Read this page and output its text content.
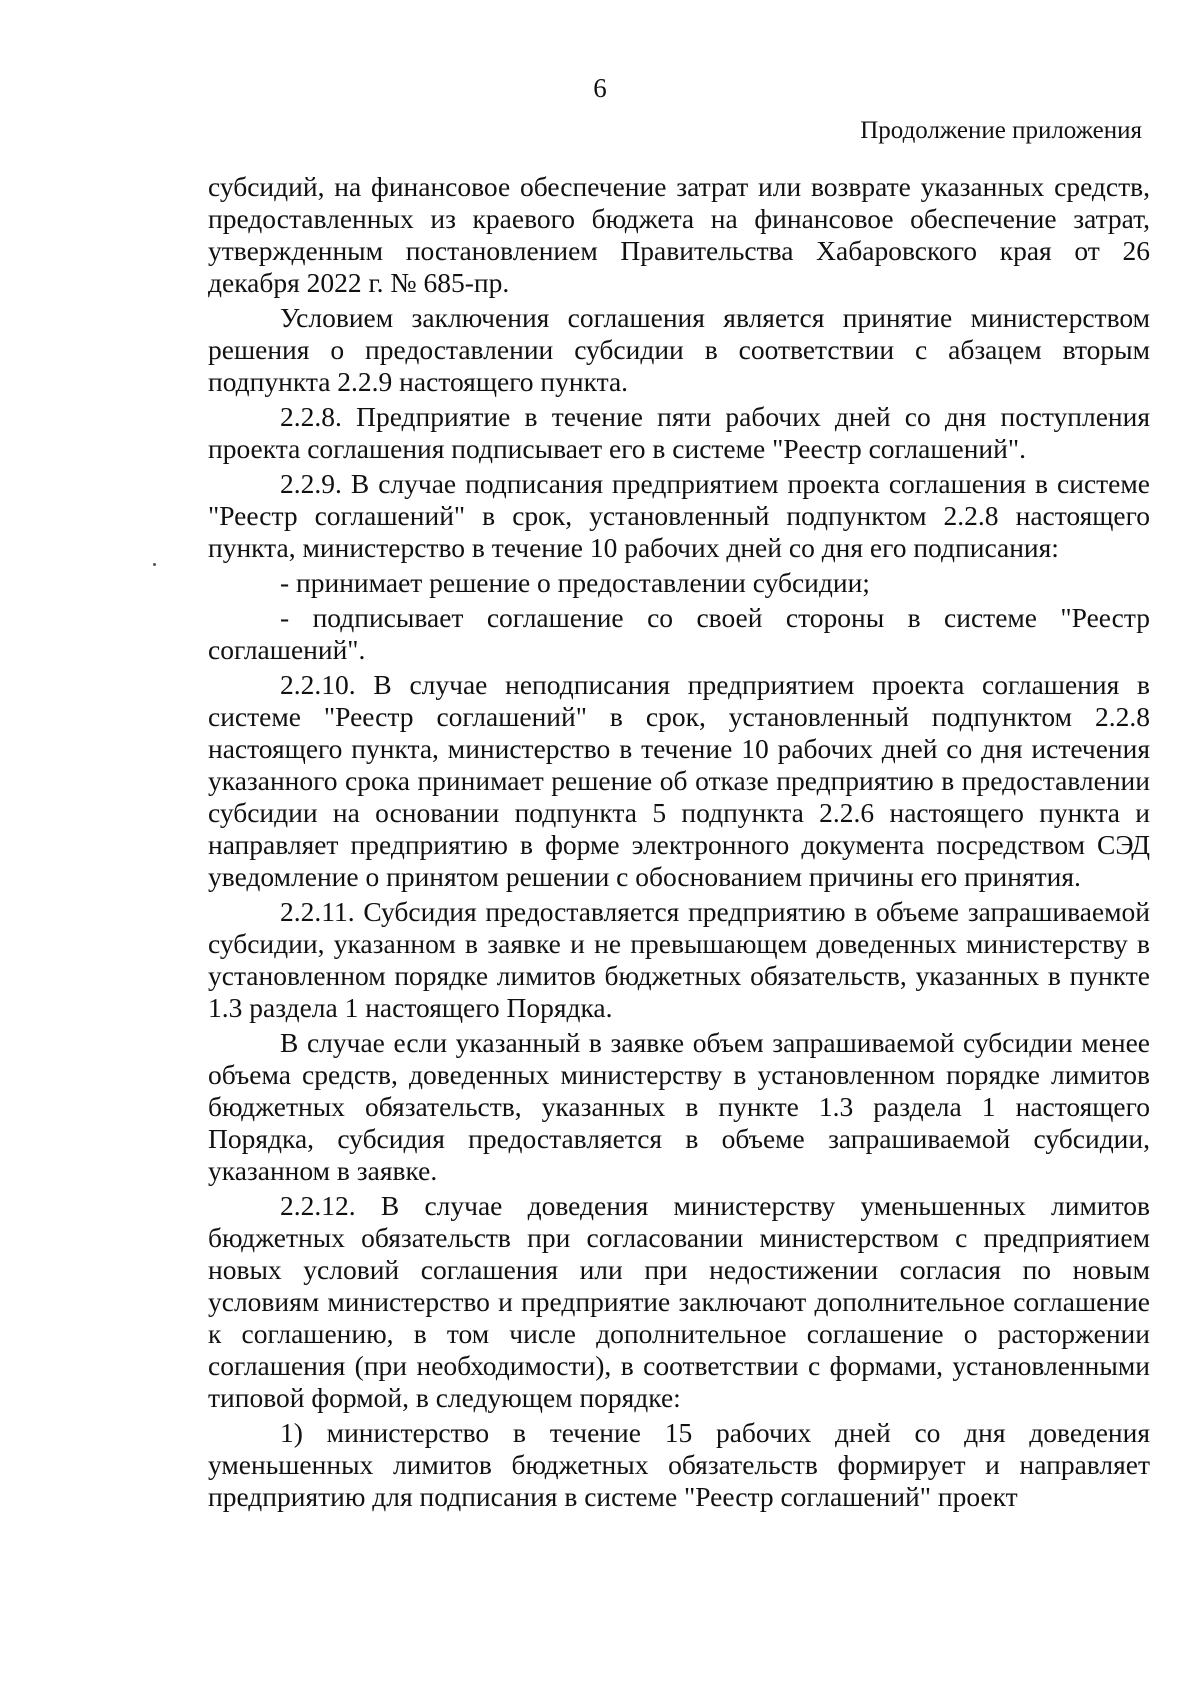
6
Продолжение приложения

субсидий, на финансовое обеспечение затрат или возврате указанных средств, предоставленных из краевого бюджета на финансовое обеспечение затрат, утвержденным постановлением Правительства Хабаровского края от 26 декабря 2022 г. № 685-пр.

Условием заключения соглашения является принятие министерством решения о предоставлении субсидии в соответствии с абзацем вторым подпункта 2.2.9 настоящего пункта.

2.2.8. Предприятие в течение пяти рабочих дней со дня поступления проекта соглашения подписывает его в системе "Реестр соглашений".

2.2.9. В случае подписания предприятием проекта соглашения в системе "Реестр соглашений" в срок, установленный подпунктом 2.2.8 настоящего пункта, министерство в течение 10 рабочих дней со дня его подписания:

- принимает решение о предоставлении субсидии;

- подписывает соглашение со своей стороны в системе "Реестр соглашений".

2.2.10. В случае неподписания предприятием проекта соглашения в системе "Реестр соглашений" в срок, установленный подпунктом 2.2.8 настоящего пункта, министерство в течение 10 рабочих дней со дня истечения указанного срока принимает решение об отказе предприятию в предоставлении субсидии на основании подпункта 5 подпункта 2.2.6 настоящего пункта и направляет предприятию в форме электронного документа посредством СЭД уведомление о принятом решении с обоснованием причины его принятия.

2.2.11. Субсидия предоставляется предприятию в объеме запрашиваемой субсидии, указанном в заявке и не превышающем доведенных министерству в установленном порядке лимитов бюджетных обязательств, указанных в пункте 1.3 раздела 1 настоящего Порядка.

В случае если указанный в заявке объем запрашиваемой субсидии менее объема средств, доведенных министерству в установленном порядке лимитов бюджетных обязательств, указанных в пункте 1.3 раздела 1 настоящего Порядка, субсидия предоставляется в объеме запрашиваемой субсидии, указанном в заявке.

2.2.12. В случае доведения министерству уменьшенных лимитов бюджетных обязательств при согласовании министерством с предприятием новых условий соглашения или при недостижении согласия по новым условиям министерство и предприятие заключают дополнительное соглашение к соглашению, в том числе дополнительное соглашение о расторжении соглашения (при необходимости), в соответствии с формами, установленными типовой формой, в следующем порядке:

1) министерство в течение 15 рабочих дней со дня доведения уменьшенных лимитов бюджетных обязательств формирует и направляет предприятию для подписания в системе "Реестр соглашений" проект
